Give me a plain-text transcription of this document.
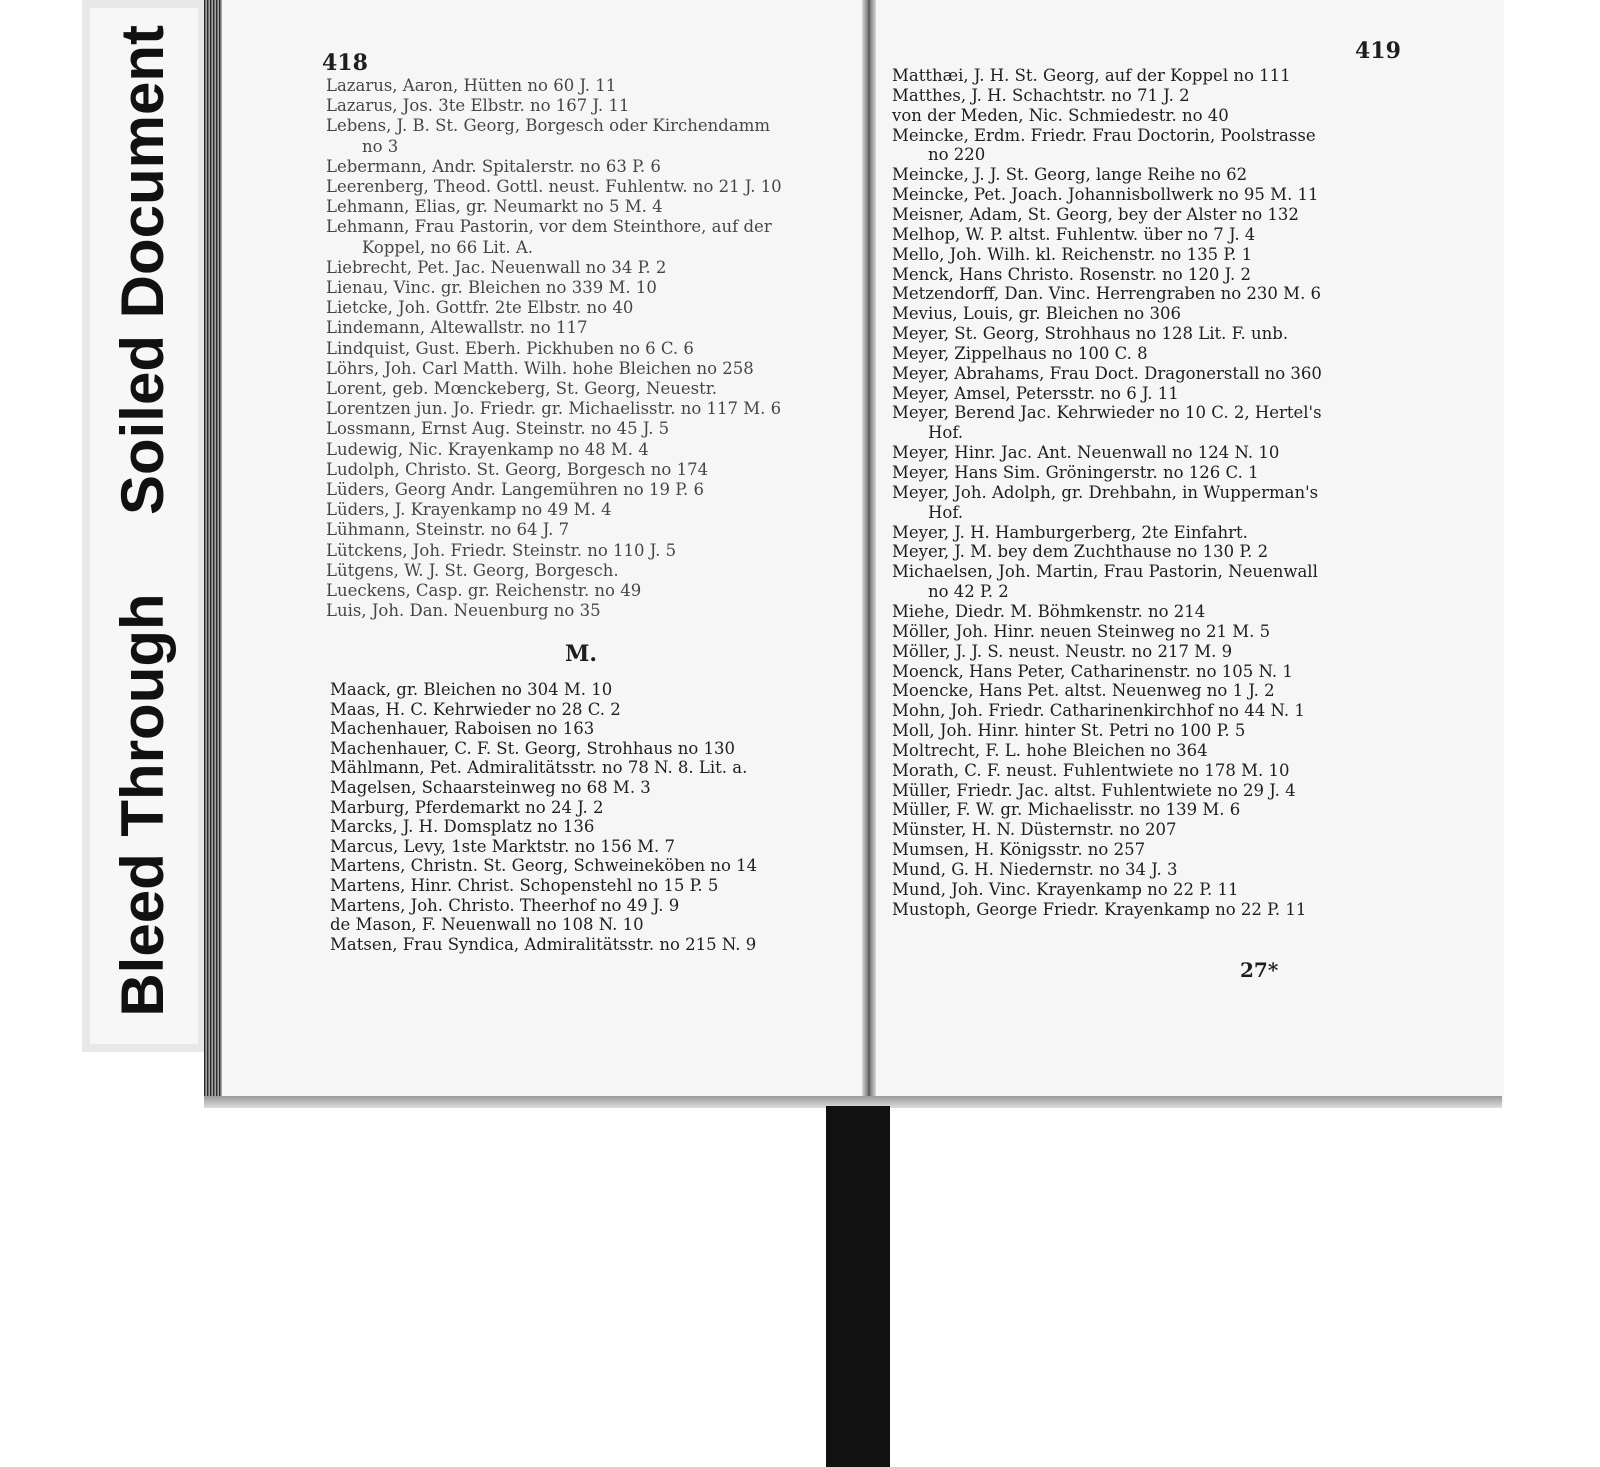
Soiled Document
Bleed Through
418	419
Lazarus, Aaron, Hütten no 60 J. 11
Lazarus, Jos. 3te Elbstr. no 167 J. 11
Lebens, J. B. St. Georg, Borgesch oder Kirchendamm
no 3
Lebermann, Andr. Spitalerstr. no 63 P. 6
Leerenberg, Theod. Gottl. neust. Fuhlentw. no 21 J. 10
Lehmann, Elias, gr. Neumarkt no 5 M. 4
Lehmann, Frau Pastorin, vor dem Steinthore, auf der
Koppel, no 66 Lit. A.
Liebrecht, Pet. Jac. Neuenwall no 34 P. 2
Lienau, Vinc. gr. Bleichen no 339 M. 10
Lietcke, Joh. Gottfr. 2te Elbstr. no 40
Lindemann, Altewallstr. no 117
Lindquist, Gust. Eberh. Pickhuben no 6 C. 6
Löhrs, Joh. Carl Matth. Wilh. hohe Bleichen no 258
Lorent, geb. Mœnckeberg, St. Georg, Neuestr.
Lorentzen jun. Jo. Friedr. gr. Michaelisstr. no 117 M. 6
Lossmann, Ernst Aug. Steinstr. no 45 J. 5
Ludewig, Nic. Krayenkamp no 48 M. 4
Ludolph, Christo. St. Georg, Borgesch no 174
Lüders, Georg Andr. Langemühren no 19 P. 6
Lüders, J. Krayenkamp no 49 M. 4
Lühmann, Steinstr. no 64 J. 7
Lütckens, Joh. Friedr. Steinstr. no 110 J. 5
Lütgens, W. J. St. Georg, Borgesch.
Lueckens, Casp. gr. Reichenstr. no 49
Luis, Joh. Dan. Neuenburg no 35
M.
Maack, gr. Bleichen no 304 M. 10
Maas, H. C. Kehrwieder no 28 C. 2
Machenhauer, Raboisen no 163
Machenhauer, C. F. St. Georg, Strohhaus no 130
Mählmann, Pet. Admiralitätsstr. no 78 N. 8. Lit. a.
Magelsen, Schaarsteinweg no 68 M. 3
Marburg, Pferdemarkt no 24 J. 2
Marcks, J. H. Domsplatz no 136
Marcus, Levy, 1ste Marktstr. no 156 M. 7
Martens, Christn. St. Georg, Schweineköben no 14
Martens, Hinr. Christ. Schopenstehl no 15 P. 5
Martens, Joh. Christo. Theerhof no 49 J. 9
de Mason, F. Neuenwall no 108 N. 10
Matsen, Frau Syndica, Admiralitätsstr. no 215 N. 9
Matthæi, J. H. St. Georg, auf der Koppel no 111
Matthes, J. H. Schachtstr. no 71 J. 2
von der Meden, Nic. Schmiedestr. no 40
Meincke, Erdm. Friedr. Frau Doctorin, Poolstrasse
no 220
Meincke, J. J. St. Georg, lange Reihe no 62
Meincke, Pet. Joach. Johannisbollwerk no 95 M. 11
Meisner, Adam, St. Georg, bey der Alster no 132
Melhop, W. P. altst. Fuhlentw. über no 7 J. 4
Mello, Joh. Wilh. kl. Reichenstr. no 135 P. 1
Menck, Hans Christo. Rosenstr. no 120 J. 2
Metzendorff, Dan. Vinc. Herrengraben no 230 M. 6
Mevius, Louis, gr. Bleichen no 306
Meyer, St. Georg, Strohhaus no 128 Lit. F. unb.
Meyer, Zippelhaus no 100 C. 8
Meyer, Abrahams, Frau Doct. Dragonerstall no 360
Meyer, Amsel, Petersstr. no 6 J. 11
Meyer, Berend Jac. Kehrwieder no 10 C. 2, Hertel's
Hof.
Meyer, Hinr. Jac. Ant. Neuenwall no 124 N. 10
Meyer, Hans Sim. Gröningerstr. no 126 C. 1
Meyer, Joh. Adolph, gr. Drehbahn, in Wupperman's
Hof.
Meyer, J. H. Hamburgerberg, 2te Einfahrt.
Meyer, J. M. bey dem Zuchthause no 130 P. 2
Michaelsen, Joh. Martin, Frau Pastorin, Neuenwall
no 42 P. 2
Miehe, Diedr. M. Böhmkenstr. no 214
Möller, Joh. Hinr. neuen Steinweg no 21 M. 5
Möller, J. J. S. neust. Neustr. no 217 M. 9
Moenck, Hans Peter, Catharinenstr. no 105 N. 1
Moencke, Hans Pet. altst. Neuenweg no 1 J. 2
Mohn, Joh. Friedr. Catharinenkirchhof no 44 N. 1
Moll, Joh. Hinr. hinter St. Petri no 100 P. 5
Moltrecht, F. L. hohe Bleichen no 364
Morath, C. F. neust. Fuhlentwiete no 178 M. 10
Müller, Friedr. Jac. altst. Fuhlentwiete no 29 J. 4
Müller, F. W. gr. Michaelisstr. no 139 M. 6
Münster, H. N. Düsternstr. no 207
Mumsen, H. Königsstr. no 257
Mund, G. H. Niedernstr. no 34 J. 3
Mund, Joh. Vinc. Krayenkamp no 22 P. 11
Mustoph, George Friedr. Krayenkamp no 22 P. 11
27*
